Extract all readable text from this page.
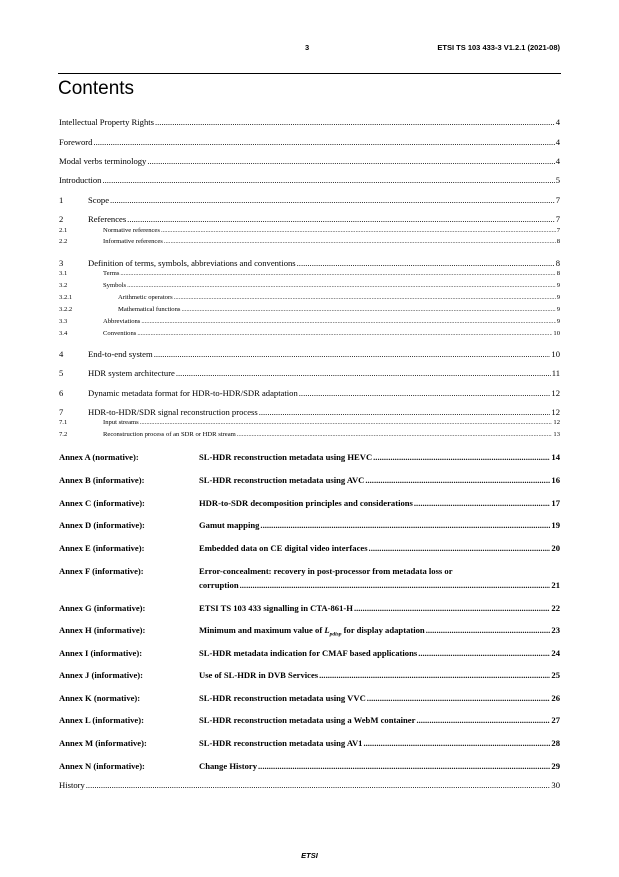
3	ETSI TS 103 433-3 V1.2.1 (2021-08)
Contents
Intellectual Property Rights .....	4
Foreword .....	4
Modal verbs terminology .....	4
Introduction .....	5
1	Scope .....	7
2	References .....	7
2.1	Normative references .....	7
2.2	Informative references .....	8
3	Definition of terms, symbols, abbreviations and conventions .....	8
3.1	Terms .....	8
3.2	Symbols .....	9
3.2.1	Arithmetic operators .....	9
3.2.2	Mathematical functions .....	9
3.3	Abbreviations .....	9
3.4	Conventions .....	10
4	End-to-end system .....	10
5	HDR system architecture .....	11
6	Dynamic metadata format for HDR-to-HDR/SDR adaptation .....	12
7	HDR-to-HDR/SDR signal reconstruction process .....	12
7.1	Input streams .....	12
7.2	Reconstruction process of an SDR or HDR stream .....	13
Annex A (normative):	SL-HDR reconstruction metadata using HEVC .....	14
Annex B (informative):	SL-HDR reconstruction metadata using AVC .....	16
Annex C (informative):	HDR-to-SDR decomposition principles and considerations .....	17
Annex D (informative):	Gamut mapping .....	19
Annex E (informative):	Embedded data on CE digital video interfaces .....	20
Annex F (informative):	Error-concealment: recovery in post-processor from metadata loss or
corruption .....	21
Annex G (informative):	ETSI TS 103 433 signalling in CTA-861-H .....	22
Annex H (informative):	Minimum and maximum value of $L_{pdisp}$ for display adaptation .....	23
Annex I (informative):	SL-HDR metadata indication for CMAF based applications .....	24
Annex J (informative):	Use of SL-HDR in DVB Services .....	25
Annex K (normative):	SL-HDR reconstruction metadata using VVC .....	26
Annex L (informative):	SL-HDR reconstruction metadata using a WebM container .....	27
Annex M (informative):	SL-HDR reconstruction metadata using AV1 .....	28
Annex N (informative):	Change History .....	29
History .....	30
ETSI
